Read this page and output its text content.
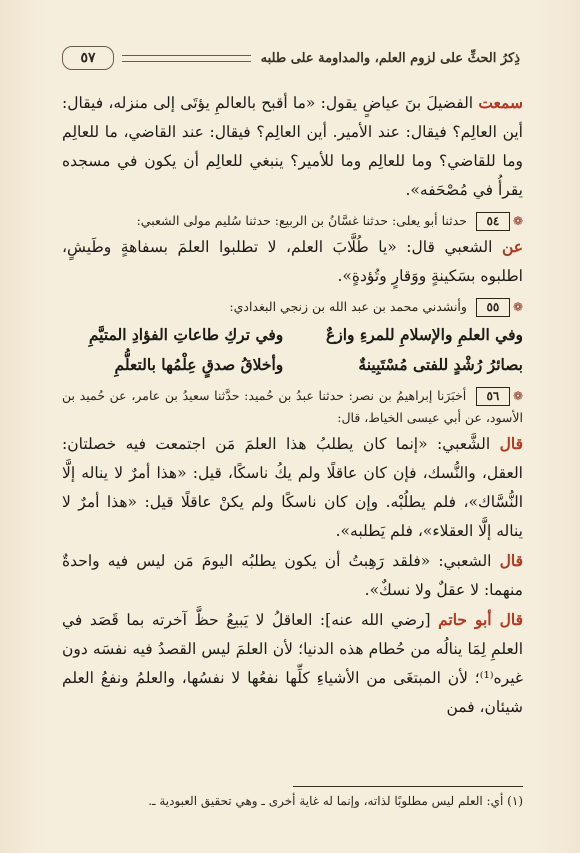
ذِكرُ الحثِّ على لزوم العلم، والمداومة على طلبه
٥٧

سمعت الفضيلَ بنَ عياضٍ يقول: «ما أقبح بالعالمِ يؤتَى إلى منزله، فيقال: أين العالِم؟ فيقال: عند الأمير. أين العالِم؟ فيقال: عند القاضي، ما للعالِم وما للقاضي؟ وما للعالِم وما للأمير؟ ينبغي للعالِم أن يكون في مسجده يقرأُ في مُصْحَفه».

❁٥٤ حدثنا أبو يعلى: حدثنا غسَّانُ بن الربيع: حدثنا سُليم مولى الشعبي:

عن الشعبي قال: «يا طُلَّابَ العلم، لا تطلبوا العلمَ بسفاهةٍ وطَيشٍ، اطلبوه بسَكينةٍ ووَقارٍ وتُؤدةٍ».

❁٥٥ وأنشدني محمد بن عبد الله بن زنجي البغدادي:

وفي العلمِ والإسلامِ للمرءِ وازعٌ
وفي تركِ طاعاتِ الفؤادِ المتيَّمِ
بصائرُ رُشْدٍ للفتى مُسْتَبِينةٌ
وأخلاقُ صدقٍ عِلْمُها بالتعلُّمِ

❁٥٦ أخبَرَنا إبراهيمُ بن نصر: حدثنا عبدُ بن حُميد: حدَّثنا سعيدُ بن عامر، عن حُميد بن الأسود، عن أبي عيسى الخياط، قال:

قال الشَّعبي: «إنما كان يطلبُ هذا العلمَ مَن اجتمعت فيه خصلتان: العقل، والنُّسك، فإن كان عاقلًا ولم يكُ ناسكًا، قيل: «هذا أمرٌ لا يناله إلَّا النُّسَّاك»، فلم يطلُبْه. وإن كان ناسكًا ولم يكنْ عاقلًا قيل: «هذا أمرٌ لا يناله إلَّا العقلاء»، فلم يَطلبه».

قال الشعبي: «فلقد رَهِبتُ أن يكون يطلبُه اليومَ مَن ليس فيه واحدةٌ منهما: لا عقلٌ ولا نسكٌ».

قال أبو حاتم [رضي الله عنه]: العاقلُ لا يَبيعُ حظَّ آخرته بما قَصَد في العلمِ لِمَا ينالُه من حُطام هذه الدنيا؛ لأن العلمَ ليس القصدُ فيه نفسَه دون غيره⁽¹⁾؛ لأن المبتغَى من الأشياءِ كلِّها نفعُها لا نفسُها، والعلمُ ونفعُ العلم شيئان، فمن

(١) أي: العلم ليس مطلوبًا لذاته، وإنما له غاية أخرى ـ وهي تحقيق العبودية ـ.
